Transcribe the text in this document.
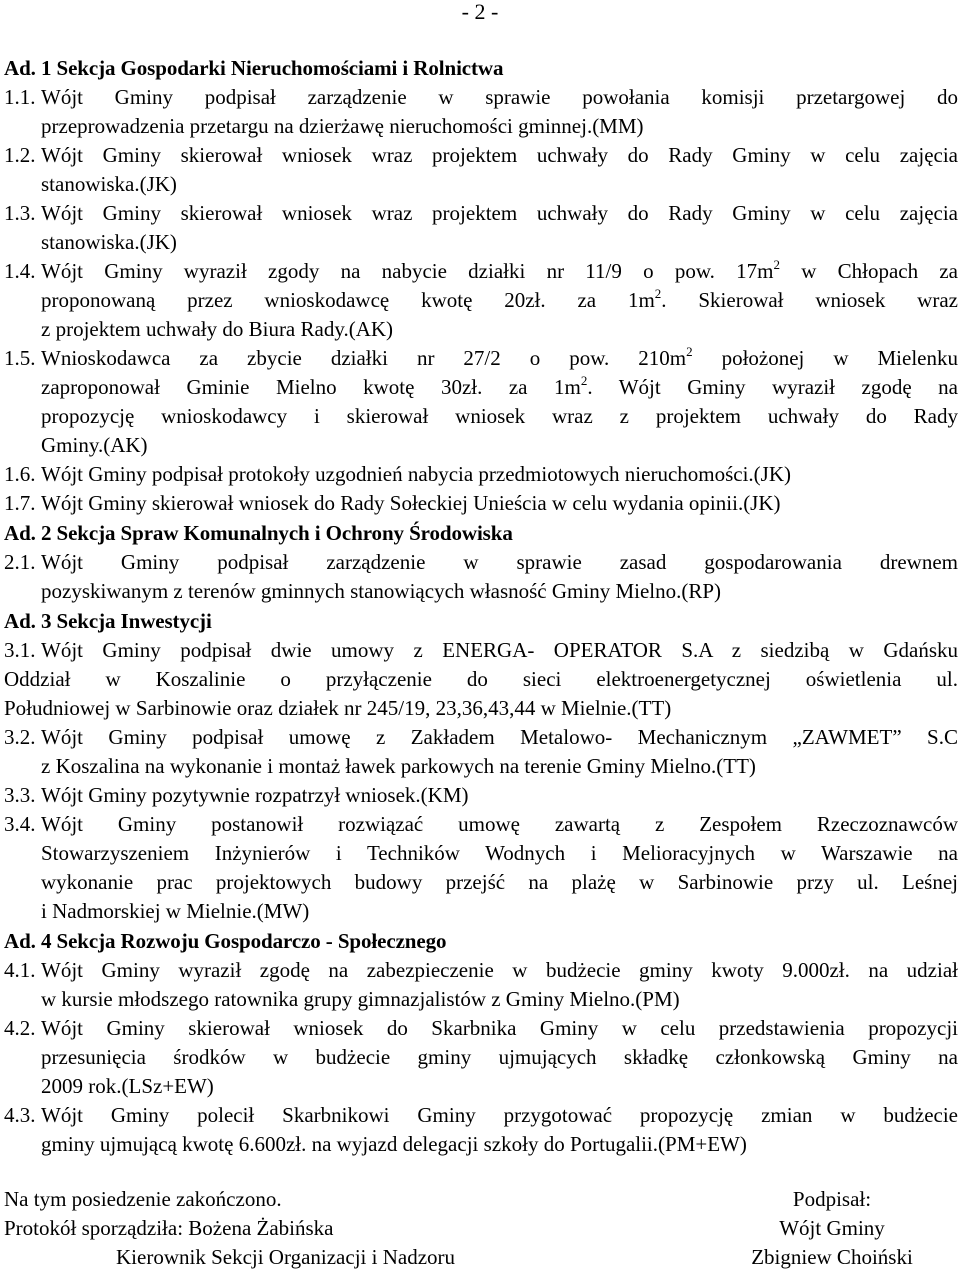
- 2 -
Ad. 1 Sekcja Gospodarki Nieruchomościami i Rolnictwa
1.1. Wójt Gminy podpisał zarządzenie w sprawie powołania komisji przetargowej do
przeprowadzenia przetargu na dzierżawę nieruchomości gminnej.(MM)
1.2. Wójt Gminy skierował wniosek wraz projektem uchwały do Rady Gminy w celu zajęcia
stanowiska.(JK)
1.3. Wójt Gminy skierował wniosek wraz projektem uchwały do Rady Gminy w celu zajęcia
stanowiska.(JK)
1.4. Wójt Gminy wyraził zgody na nabycie działki nr 11/9 o pow. $17m^2$ w Chłopach za
proponowaną przez wnioskodawcę kwotę 20zł. za $1m^2$. Skierował wniosek wraz
z projektem uchwały do Biura Rady.(AK)
1.5. Wnioskodawca za zbycie działki nr 27/2 o pow. $210m^2$ położonej w Mielenku
zaproponował Gminie Mielno kwotę 30zł. za $1m^2$. Wójt Gminy wyraził zgodę na
propozycję wnioskodawcy i skierował wniosek wraz z projektem uchwały do Rady
Gminy.(AK)
1.6. Wójt Gminy podpisał protokoły uzgodnień nabycia przedmiotowych nieruchomości.(JK)
1.7. Wójt Gminy skierował wniosek do Rady Sołeckiej Unieścia w celu wydania opinii.(JK)
Ad. 2 Sekcja Spraw Komunalnych i Ochrony Środowiska
2.1. Wójt Gminy podpisał zarządzenie w sprawie zasad gospodarowania drewnem
pozyskiwanym z terenów gminnych stanowiących własność Gminy Mielno.(RP)
Ad. 3 Sekcja Inwestycji
3.1. Wójt Gminy podpisał dwie umowy z ENERGA- OPERATOR S.A z siedzibą w Gdańsku
Oddział w Koszalinie o przyłączenie do sieci elektroenergetycznej oświetlenia ul.
Południowej w Sarbinowie oraz działek nr 245/19, 23,36,43,44 w Mielnie.(TT)
3.2. Wójt Gminy podpisał umowę z Zakładem Metalowo- Mechanicznym „ZAWMET” S.C
z Koszalina na wykonanie i montaż ławek parkowych na terenie Gminy Mielno.(TT)
3.3. Wójt Gminy pozytywnie rozpatrzył wniosek.(KM)
3.4. Wójt Gminy postanowił rozwiązać umowę zawartą z Zespołem Rzeczoznawców
Stowarzyszeniem Inżynierów i Techników Wodnych i Melioracyjnych w Warszawie na
wykonanie prac projektowych budowy przejść na plażę w Sarbinowie przy ul. Leśnej
i Nadmorskiej w Mielnie.(MW)
Ad. 4 Sekcja Rozwoju Gospodarczo - Społecznego
4.1. Wójt Gminy wyraził zgodę na zabezpieczenie w budżecie gminy kwoty 9.000zł. na udział
w kursie młodszego ratownika grupy gimnazjalistów z Gminy Mielno.(PM)
4.2. Wójt Gminy skierował wniosek do Skarbnika Gminy w celu przedstawienia propozycji
przesunięcia środków w budżecie gminy ujmujących składkę członkowską Gminy na
2009 rok.(LSz+EW)
4.3. Wójt Gminy polecił Skarbnikowi Gminy przygotować propozycję zmian w budżecie
gminy ujmującą kwotę 6.600zł. na wyjazd delegacji szkoły do Portugalii.(PM+EW)
Na tym posiedzenie zakończono.	Podpisał:
Protokół sporządziła: Bożena Żabińska	Wójt Gminy
Kierownik Sekcji Organizacji i Nadzoru	Zbigniew Choiński
